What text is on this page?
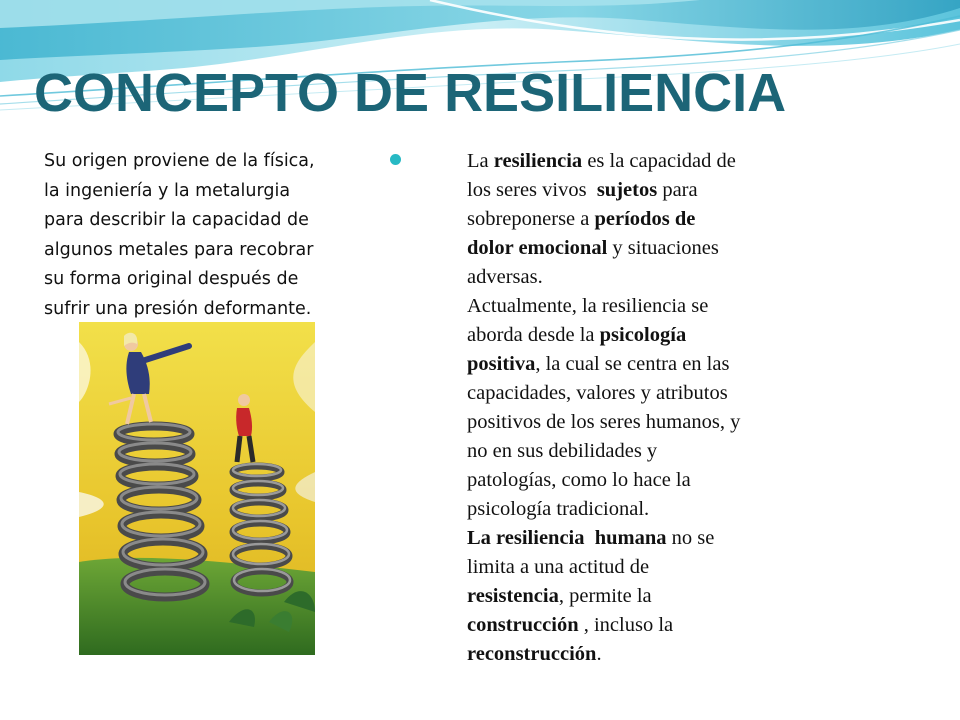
CONCEPTO DE RESILIENCIA
Su origen proviene de la física,
la ingeniería y la metalurgia
para describir la capacidad de
algunos metales para recobrar
su forma original después de
sufrir una presión deformante.
La resiliencia es la capacidad de
los seres vivos  sujetos para
sobreponerse a períodos de
dolor emocional y situaciones
adversas.
Actualmente, la resiliencia se
aborda desde la psicología
positiva, la cual se centra en las
capacidades, valores y atributos
positivos de los seres humanos, y
no en sus debilidades y
patologías, como lo hace la
psicología tradicional.
La resiliencia  humana no se
limita a una actitud de
resistencia, permite la
construcción , incluso la
reconstrucción.
